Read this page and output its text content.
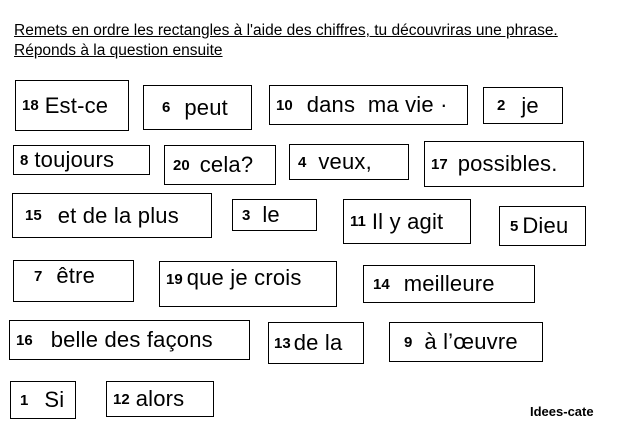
Remets en ordre les rectangles à l'aide des chiffres, tu découvriras une phrase.
Réponds à la question ensuite
18 Est-ce	6 peut	10 dans  ma vie ·	2 je
8 toujours	20 cela?	4 veux,	17 possibles.
15 et de la plus	3 le	11 Il y agit	5 Dieu
7 être	19 que je crois	14 meilleure
16 belle des façons	13 de la	9 à l’œuvre
1 Si	12 alors
Idees-cate
